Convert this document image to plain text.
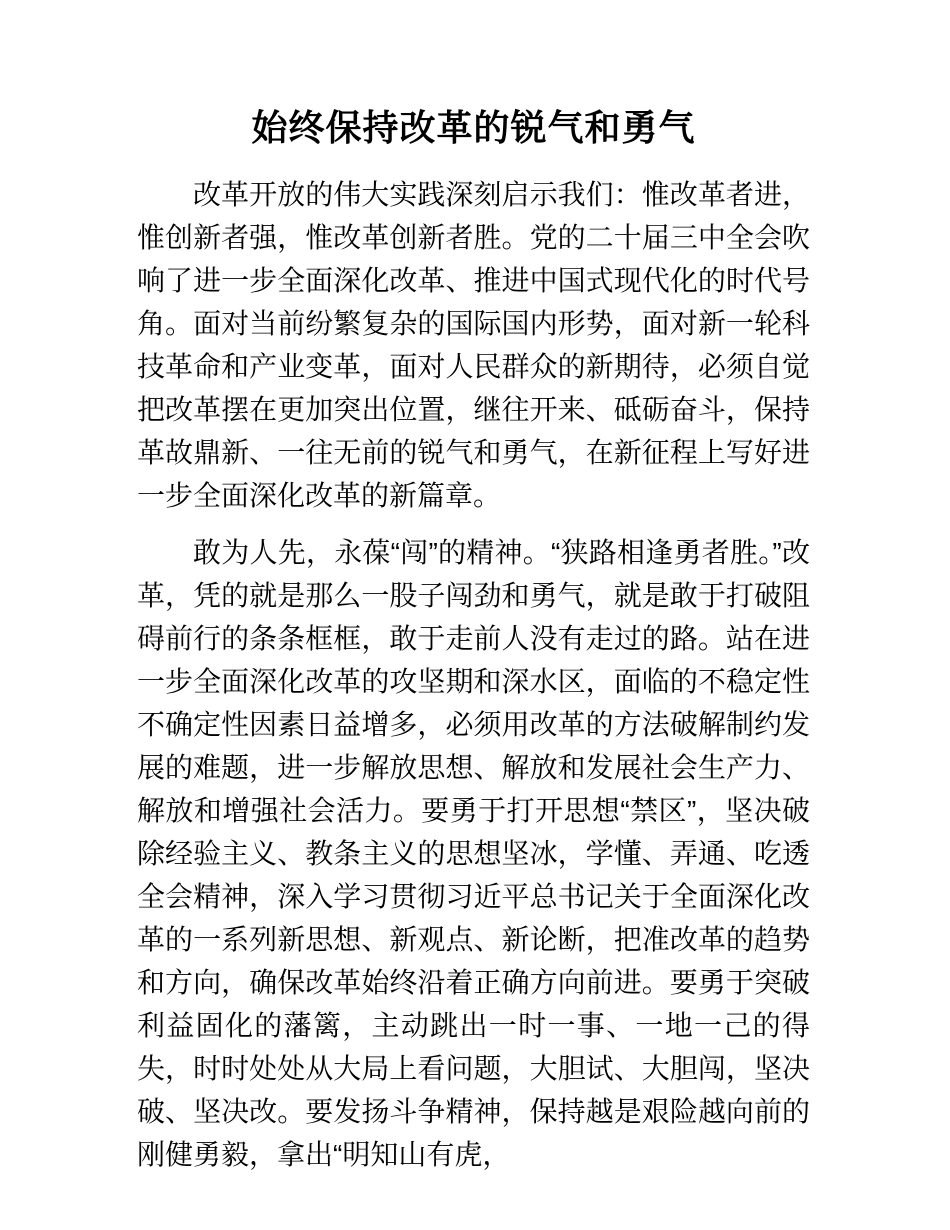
始终保持改革的锐气和勇气

改革开放的伟大实践深刻启示我们：惟改革者进，惟创新者强，惟改革创新者胜。党的二十届三中全会吹响了进一步全面深化改革、推进中国式现代化的时代号角。面对当前纷繁复杂的国际国内形势，面对新一轮科技革命和产业变革，面对人民群众的新期待，必须自觉把改革摆在更加突出位置，继往开来、砥砺奋斗，保持革故鼎新、一往无前的锐气和勇气，在新征程上写好进一步全面深化改革的新篇章。

敢为人先，永葆“闯”的精神。“狭路相逢勇者胜。”改革，凭的就是那么一股子闯劲和勇气，就是敢于打破阻碍前行的条条框框，敢于走前人没有走过的路。站在进一步全面深化改革的攻坚期和深水区，面临的不稳定性不确定性因素日益增多，必须用改革的方法破解制约发展的难题，进一步解放思想、解放和发展社会生产力、解放和增强社会活力。要勇于打开思想“禁区”，坚决破除经验主义、教条主义的思想坚冰，学懂、弄通、吃透全会精神，深入学习贯彻习近平总书记关于全面深化改革的一系列新思想、新观点、新论断，把准改革的趋势和方向，确保改革始终沿着正确方向前进。要勇于突破利益固化的藩篱，主动跳出一时一事、一地一己的得失，时时处处从大局上看问题，大胆试、大胆闯，坚决破、坚决改。要发扬斗争精神，保持越是艰险越向前的刚健勇毅，拿出“明知山有虎，
